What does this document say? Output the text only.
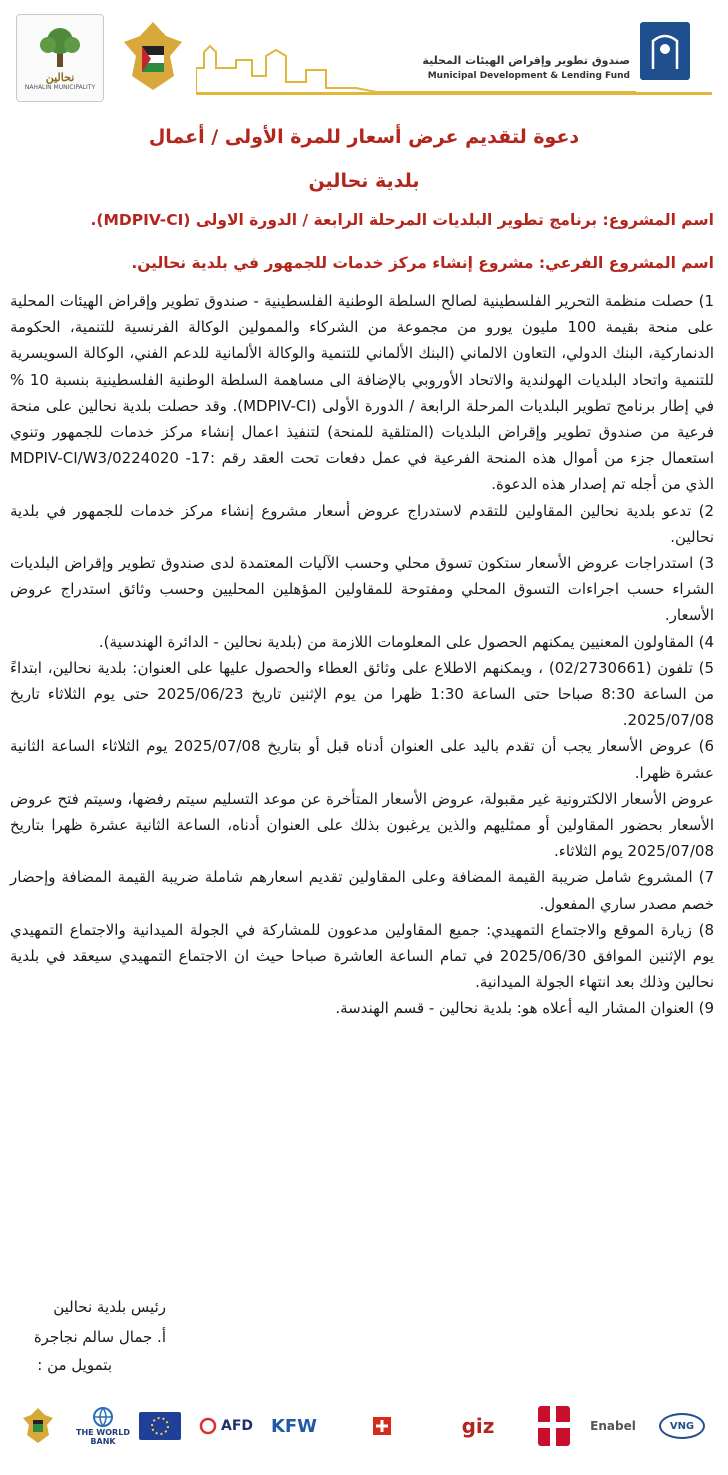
نحالين
NAHALIN MUNICIPALITY
صندوق تطوير وإقراض الهيئات المحلية
Municipal Development & Lending Fund
دعوة لتقديم عرض أسعار للمرة الأولى / أعمال
بلدية نحالين
اسم المشروع: برنامج تطوير البلديات المرحلة الرابعة / الدورة الاولى (MDPIV-CI).
اسم المشروع الفرعي: مشروع إنشاء مركز خدمات للجمهور في بلدية نحالين.

1) حصلت منظمة التحرير الفلسطينية لصالح السلطة الوطنية الفلسطينية - صندوق تطوير وإقراض الهيئات المحلية على منحة بقيمة 100 مليون يورو من مجموعة من الشركاء والممولين الوكالة الفرنسية للتنمية، الحكومة الدنماركية، البنك الدولي، التعاون الالماني (البنك الألماني للتنمية والوكالة الألمانية للدعم الفني، الوكالة السويسرية للتنمية واتحاد البلديات الهولندية والاتحاد الأوروبي بالإضافة الى مساهمة السلطة الوطنية الفلسطينية بنسبة 10 % في إطار برنامج تطوير البلديات المرحلة الرابعة / الدورة الأولى (MDPIV-CI). وقد حصلت بلدية نحالين على منحة فرعية من صندوق تطوير وإقراض البلديات (المتلقية للمنحة) لتنفيذ اعمال إنشاء مركز خدمات للجمهور وتنوي استعمال جزء من أموال هذه المنحة الفرعية في عمل دفعات تحت العقد رقم :17- MDPIV-CI/W3/0224020 الذي من أجله تم إصدار هذه الدعوة.

2) تدعو بلدية نحالين المقاولين للتقدم لاستدراج عروض أسعار مشروع إنشاء مركز خدمات للجمهور في بلدية نحالين.

3) استدراجات عروض الأسعار ستكون تسوق محلي وحسب الآليات المعتمدة لدى صندوق تطوير وإقراض البلديات الشراء حسب اجراءات التسوق المحلي ومفتوحة للمقاولين المؤهلين المحليين وحسب وثائق استدراج عروض الأسعار.

4) المقاولون المعنيين يمكنهم الحصول على المعلومات اللازمة من (بلدية نحالين - الدائرة الهندسية).

5) تلفون (02/2730661) ، ويمكنهم الاطلاع على وثائق العطاء والحصول عليها على العنوان: بلدية نحالين، ابتداءً من الساعة 8:30 صباحا حتى الساعة 1:30 ظهرا من يوم الإثنين تاريخ 2025/06/23 حتى يوم الثلاثاء تاريخ 2025/07/08.

6) عروض الأسعار يجب أن تقدم باليد على العنوان أدناه قبل أو بتاريخ 2025/07/08 يوم الثلاثاء الساعة الثانية عشرة ظهرا.

عروض الأسعار الالكترونية غير مقبولة، عروض الأسعار المتأخرة عن موعد التسليم سيتم رفضها، وسيتم فتح عروض الأسعار بحضور المقاولين أو ممثليهم والذين يرغبون بذلك على العنوان أدناه، الساعة الثانية عشرة ظهرا بتاريخ 2025/07/08 يوم الثلاثاء.

7) المشروع شامل ضريبة القيمة المضافة وعلى المقاولين تقديم اسعارهم شاملة ضريبة القيمة المضافة وإحضار خصم مصدر ساري المفعول.

8) زيارة الموقع والاجتماع التمهيدي: جميع المقاولين مدعوون للمشاركة في الجولة الميدانية والاجتماع التمهيدي يوم الإثنين الموافق 2025/06/30 في تمام الساعة العاشرة صباحا حيث ان الاجتماع التمهيدي سيعقد في بلدية نحالين وذلك بعد انتهاء الجولة الميدانية.

9) العنوان المشار اليه أعلاه هو: بلدية نحالين - قسم الهندسة.

رئيس بلدية نحالين
أ. جمال سالم نجاجرة
بتمويل من :
THE WORLD BANK
AFD KFW	giz	Enabel	VNG
